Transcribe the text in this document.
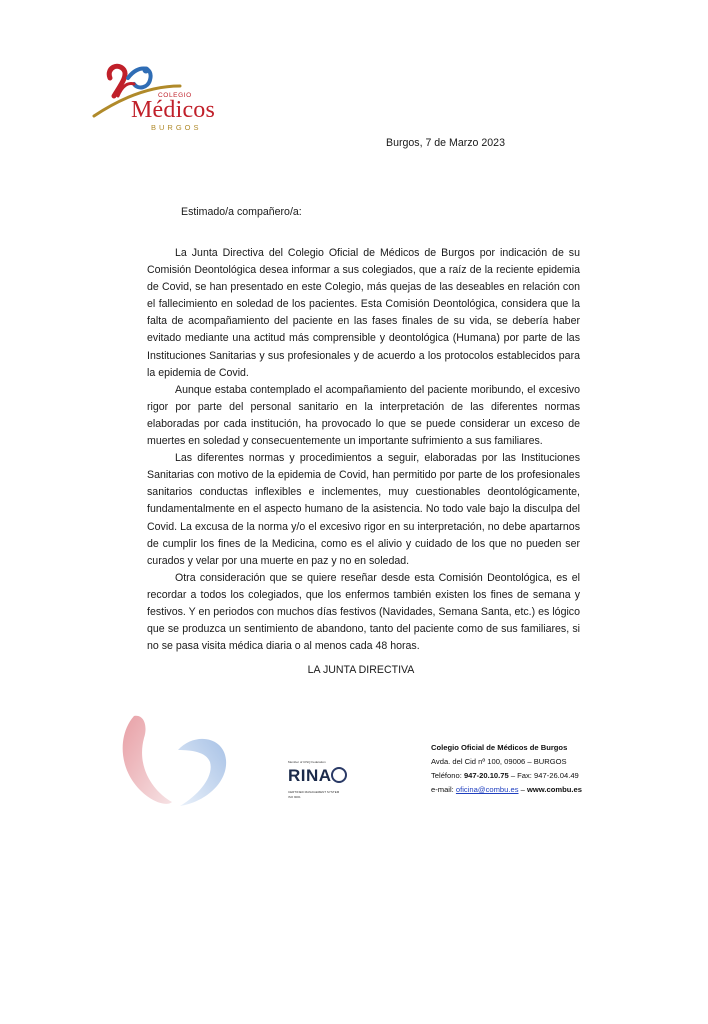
COLEGIO
Médicos
BURGOS
Burgos, 7 de Marzo 2023
Estimado/a compañero/a:

La Junta Directiva del Colegio Oficial de Médicos de Burgos por indicación de su Comisión Deontológica desea informar a sus colegiados, que a raíz de la reciente epidemia de Covid, se han presentado en este Colegio, más quejas de las deseables en relación con el fallecimiento en soledad de los pacientes. Esta Comisión Deontológica, considera que la falta de acompañamiento del paciente en las fases finales de su vida, se debería haber evitado mediante una actitud más comprensible y deontológica (Humana) por parte de las Instituciones Sanitarias y sus profesionales y de acuerdo a los protocolos establecidos para la epidemia de Covid.

Aunque estaba contemplado el acompañamiento del paciente moribundo, el excesivo rigor por parte del personal sanitario en la interpretación de las diferentes normas elaboradas por cada institución, ha provocado lo que se puede considerar un exceso de muertes en soledad y consecuentemente un importante sufrimiento a sus familiares.

Las diferentes normas y procedimientos a seguir, elaboradas por las Instituciones Sanitarias con motivo de la epidemia de Covid, han permitido por parte de los profesionales sanitarios conductas inflexibles e inclementes, muy cuestionables deontológicamente, fundamentalmente en el aspecto humano de la asistencia. No todo vale bajo la disculpa del Covid. La excusa de la norma y/o el excesivo rigor en su interpretación, no debe apartarnos de cumplir los fines de la Medicina, como es el alivio y cuidado de los que no pueden ser curados y velar por una muerte en paz y no en soledad.

Otra consideración que se quiere reseñar desde esta Comisión Deontológica, es el recordar a todos los colegiados, que los enfermos también existen los fines de semana y festivos. Y en periodos con muchos días festivos (Navidades, Semana Santa, etc.) es lógico que se produzca un sentimiento de abandono, tanto del paciente como de sus familiares, si no se pasa visita médica diaria o al menos cada 48 horas.

LA JUNTA DIRECTIVA
Member of CISQ Federation
RINA
CERTIFIED MANAGEMENT SYSTEM
ISO 9001
Colegio Oficial de Médicos de Burgos
Avda. del Cid nº 100, 09006 – BURGOS
Teléfono: 947-20.10.75 – Fax: 947-26.04.49
e-mail: oficina@combu.es – www.combu.es
